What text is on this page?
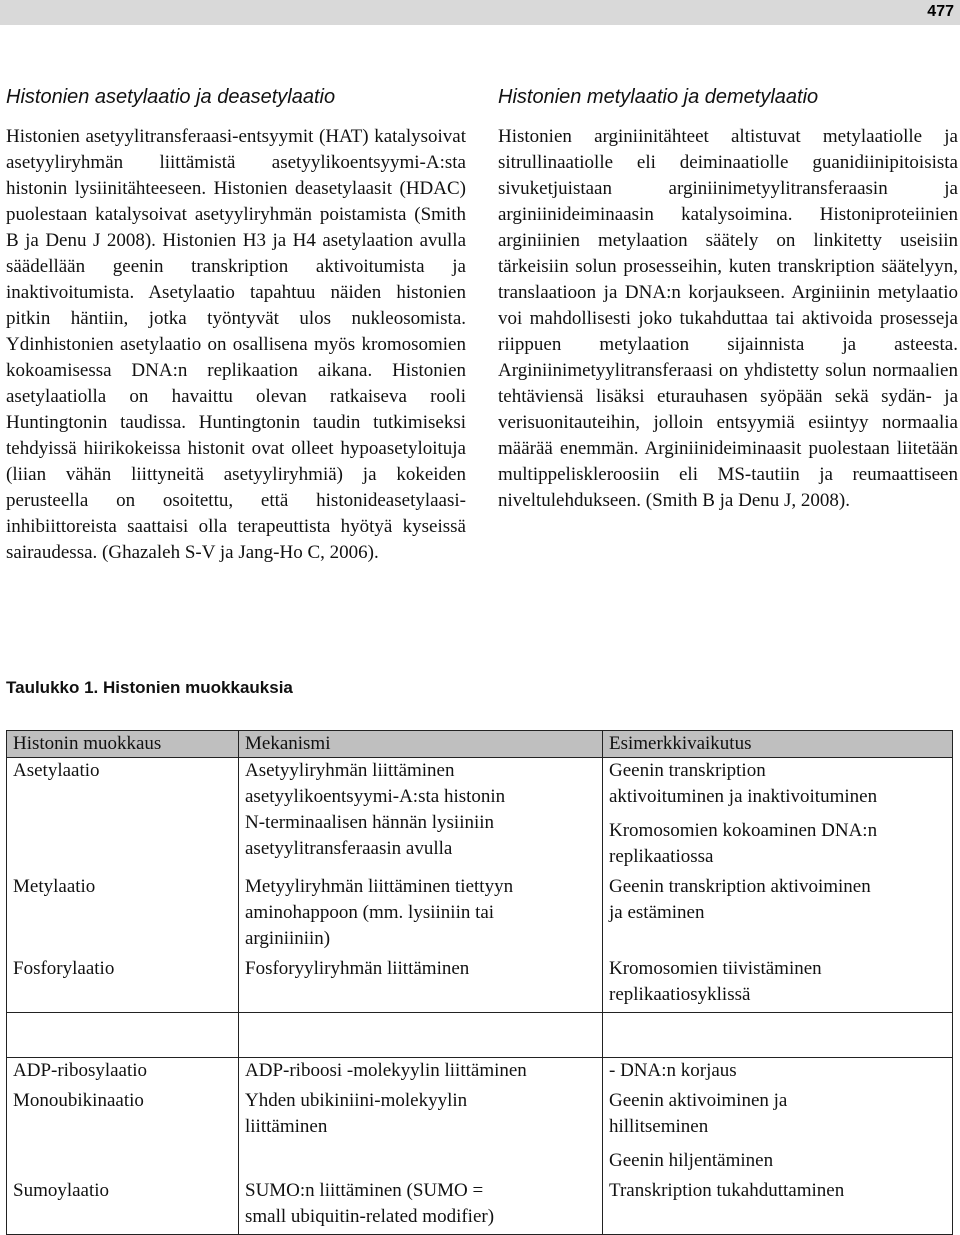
477
Histonien asetylaatio ja deasetylaatio

Histonien asetyylitransferaasi-entsyymit (HAT) katalysoivat asetyyliryhmän liittämistä asetyylikoentsyymi-A:sta histonin lysiinitähteeseen. Histonien deasetylaasit (HDAC) puolestaan katalysoivat asetyyliryhmän poistamista (Smith B ja Denu J 2008). Histonien H3 ja H4 asetylaation avulla säädellään geenin transkription aktivoitumista ja inaktivoitumista. Asetylaatio tapahtuu näiden histonien pitkin häntiin, jotka työntyvät ulos nukleosomista. Ydinhistonien asetylaatio on osallisena myös kromosomien kokoamisessa DNA:n replikaation aikana. Histonien asetylaatiolla on havaittu olevan ratkaiseva rooli Huntingtonin taudissa. Huntingtonin taudin tutkimiseksi tehdyissä hiirikokeissa histonit ovat olleet hypoasetyloituja (liian vähän liittyneitä asetyyliryhmiä) ja kokeiden perusteella on osoitettu, että histonideasetylaasi-inhibiittoreista saattaisi olla terapeuttista hyötyä kyseissä sairaudessa. (Ghazaleh S-V ja Jang-Ho C, 2006).

Histonien metylaatio ja demetylaatio

Histonien arginiinitähteet altistuvat metylaatiolle ja sitrullinaatiolle eli deiminaatiolle guanidiinipitoisista sivuketjuistaan arginiinimetyylitransferaasin ja arginiinideiminaasin katalysoimina. Histoniproteiinien arginiinien metylaation säätely on linkitetty useisiin tärkeisiin solun prosesseihin, kuten transkription säätelyyn, translaatioon ja DNA:n korjaukseen. Arginiinin metylaatio voi mahdollisesti joko tukahduttaa tai aktivoida prosesseja riippuen metylaation sijainnista ja asteesta. Arginiinimetyylitransferaasi on yhdistetty solun normaalien tehtäviensä lisäksi eturauhasen syöpään sekä sydän- ja verisuonitauteihin, jolloin entsyymiä esiintyy normaalia määrää enemmän. Arginiinideiminaasit puolestaan liitetään multippeliskleroosiin eli MS-tautiin ja reumaattiseen niveltulehdukseen. (Smith B ja Denu J, 2008).

Taulukko 1. Histonien muokkauksia
Histonin muokkaus	Mekanismi	Esimerkkivaikutus
Asetylaatio	Asetyyliryhmän liittäminen
asetyylikoentsyymi-A:sta histonin
N-terminaalisen hännän lysiiniin
asetyylitransferaasin avulla	Geenin transkription
aktivoituminen ja inaktivoituminen
Kromosomien kokoaminen DNA:n
replikaatiossa

Metylaatio	Metyyliryhmän liittäminen tiettyyn
aminohappoon (mm. lysiiniin tai
arginiiniin)	Geenin transkription aktivoiminen
ja estäminen

Fosforylaatio	Fosforyyliryhmän liittäminen	Kromosomien tiivistäminen
replikaatiosyklissä

ADP-ribosylaatio	ADP-riboosi -molekyylin liittäminen	- DNA:n korjaus

Monoubikinaatio	Yhden ubikiniini-molekyylin
liittäminen	Geenin aktivoiminen ja
hillitseminen
Geenin hiljentäminen

Sumoylaatio	SUMO:n liittäminen (SUMO =
small ubiquitin-related modifier)	Transkription tukahduttaminen
